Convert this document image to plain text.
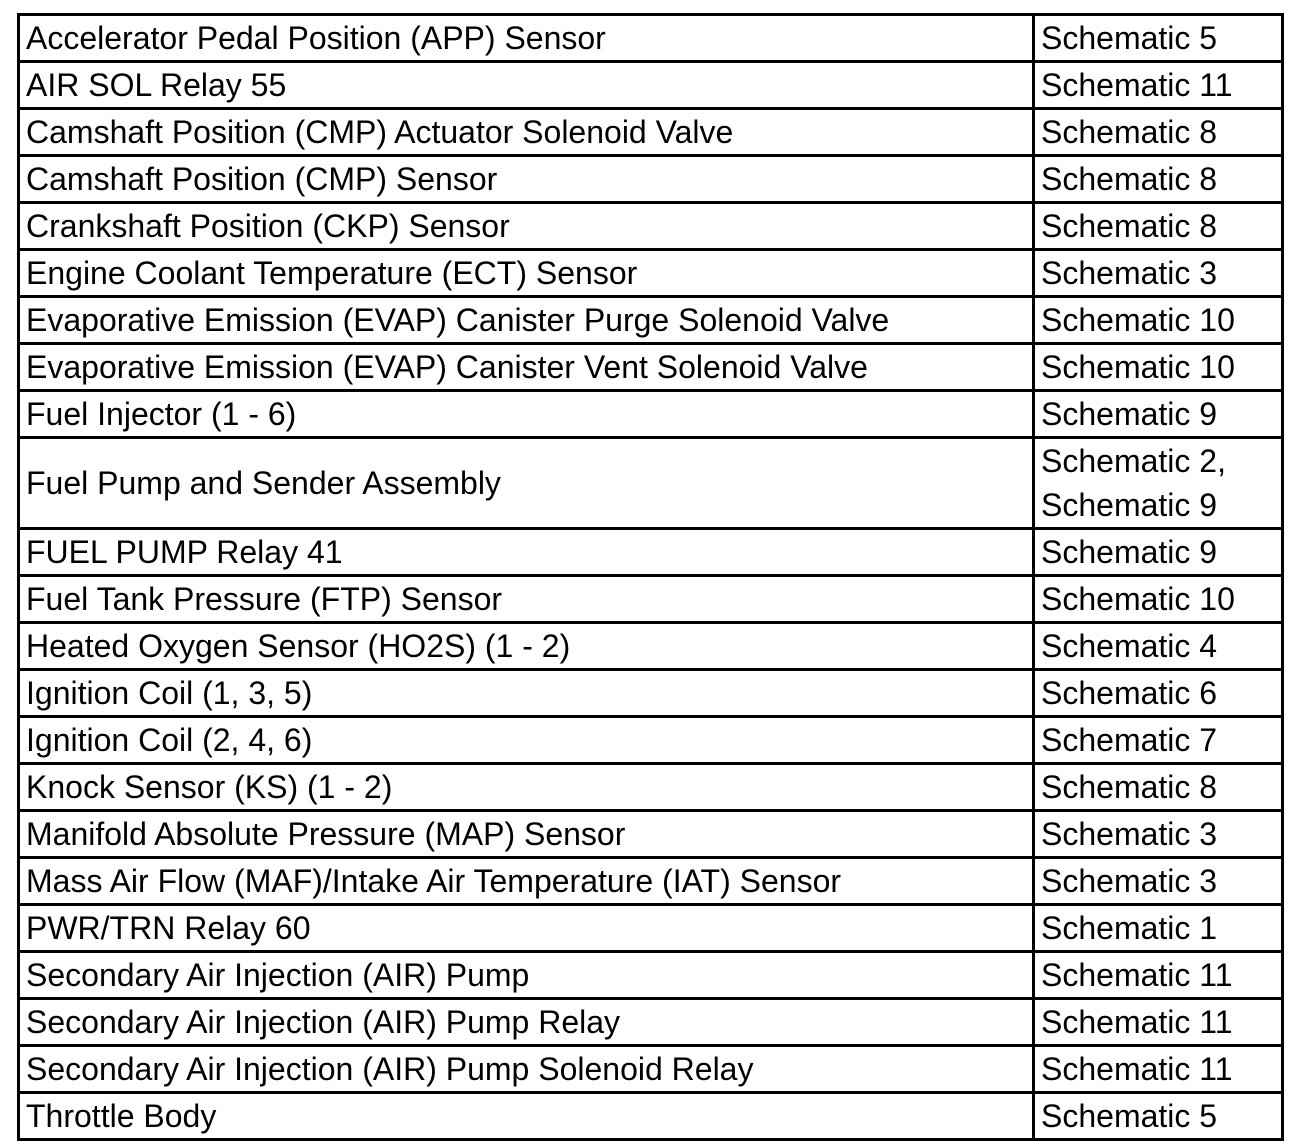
Accelerator Pedal Position (APP) Sensor	Schematic 5

AIR SOL Relay 55	Schematic 11

Camshaft Position (CMP) Actuator Solenoid Valve	Schematic 8

Camshaft Position (CMP) Sensor	Schematic 8

Crankshaft Position (CKP) Sensor	Schematic 8

Engine Coolant Temperature (ECT) Sensor	Schematic 3

Evaporative Emission (EVAP) Canister Purge Solenoid Valve	Schematic 10

Evaporative Emission (EVAP) Canister Vent Solenoid Valve	Schematic 10

Fuel Injector (1 - 6)	Schematic 9

Fuel Pump and Sender Assembly	Schematic 2,
Schematic 9

FUEL PUMP Relay 41	Schematic 9

Fuel Tank Pressure (FTP) Sensor	Schematic 10

Heated Oxygen Sensor (HO2S) (1 - 2)	Schematic 4

Ignition Coil (1, 3, 5)	Schematic 6

Ignition Coil (2, 4, 6)	Schematic 7

Knock Sensor (KS) (1 - 2)	Schematic 8

Manifold Absolute Pressure (MAP) Sensor	Schematic 3

Mass Air Flow (MAF)/Intake Air Temperature (IAT) Sensor	Schematic 3

PWR/TRN Relay 60	Schematic 1

Secondary Air Injection (AIR) Pump	Schematic 11

Secondary Air Injection (AIR) Pump Relay	Schematic 11

Secondary Air Injection (AIR) Pump Solenoid Relay	Schematic 11

Throttle Body	Schematic 5
